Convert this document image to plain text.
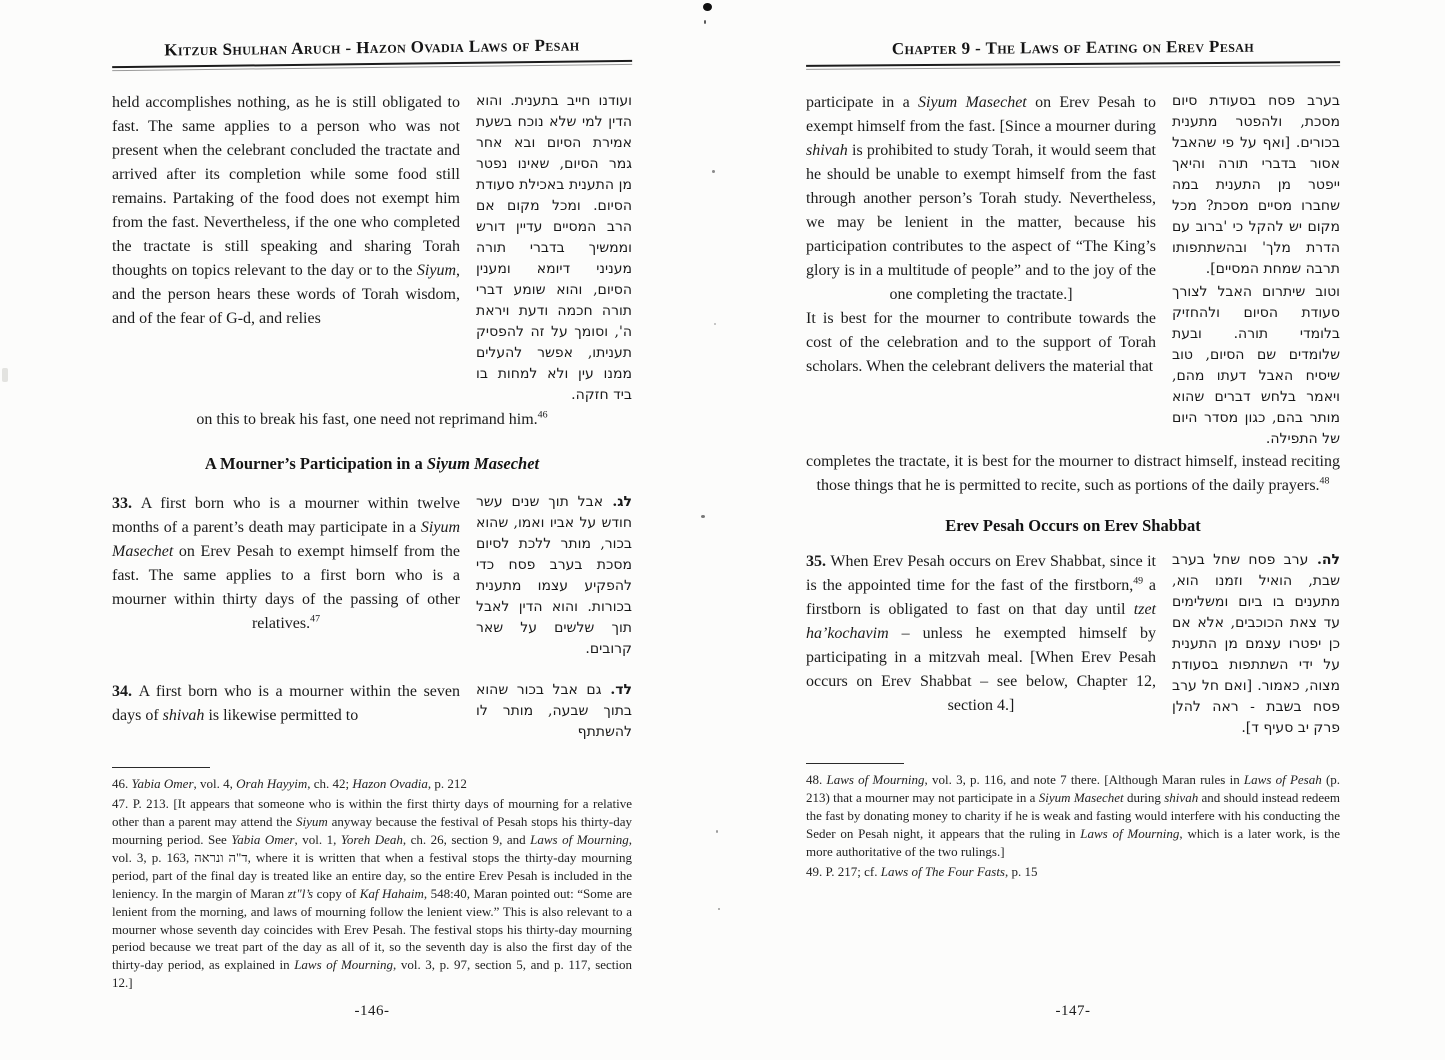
Kitzur Shulhan Aruch - Hazon Ovadia Laws of Pesah
held accomplishes nothing, as he is still obligated to fast. The same applies to a person who was not present when the celebrant concluded the tractate and arrived after its completion while some food still remains. Partaking of the food does not exempt him from the fast. Nevertheless, if the one who completed the tractate is still speaking and sharing Torah thoughts on topics relevant to the day or to the Siyum, and the person hears these words of Torah wisdom, and of the fear of G-d, and relies
ועודנו חייב בתענית. והוא הדין למי שלא נוכח בשעת אמירת הסיום ובא אחר גמר הסיום, שאינו נפטר מן התענית באכילת סעודת הסיום. ומכל מקום אם הרב המסיים עדיין דורש וממשיך בדברי תורה מעניני דיומא ומענין הסיום, והוא שומע דברי תורה חכמה ודעת ויראת ה', וסומך על זה להפסיק תעניתו, אפשר להעלים ממנו עין ולא למחות בו ביד חזקה.
on this to break his fast, one need not reprimand him.$^{46}$
A Mourner’s Participation in a Siyum Masechet
33. A first born who is a mourner within twelve months of a parent’s death may participate in a Siyum Masechet on Erev Pesah to exempt himself from the fast. The same applies to a first born who is a mourner within thirty days of the passing of other relatives.$^{47}$
לג. אבל תוך שנים עשר חודש על אביו ואמו, שהוא בכור, מותר ללכת לסיום מסכת בערב פסח כדי להפקיע עצמו מתענית בכורות. והוא הדין לאבל תוך שלשים על שאר קרובים.
34. A first born who is a mourner within the seven days of shivah is likewise permitted to
לד. גם אבל בכור שהוא בתוך שבעה, מותר לו להשתתף
46. Yabia Omer, vol. 4, Orah Hayyim, ch. 42; Hazon Ovadia, p. 212
47. P. 213. [It appears that someone who is within the first thirty days of mourning for a relative other than a parent may attend the Siyum anyway because the festival of Pesah stops his thirty-day mourning period. See Yabia Omer, vol. 1, Yoreh Deah, ch. 26, section 9, and Laws of Mourning, vol. 3, p. 163, ד"ה ונראה, where it is written that when a festival stops the thirty-day mourning period, part of the final day is treated like an entire day, so the entire Erev Pesah is included in the leniency. In the margin of Maran zt"l’s copy of Kaf Hahaim, 548:40, Maran pointed out: “Some are lenient from the morning, and laws of mourning follow the lenient view.” This is also relevant to a mourner whose seventh day coincides with Erev Pesah. The festival stops his thirty-day mourning period because we treat part of the day as all of it, so the seventh day is also the first day of the thirty-day period, as explained in Laws of Mourning, vol. 3, p. 97, section 5, and p. 117, section 12.]
-146-
Chapter 9 - The Laws of Eating on Erev Pesah
participate in a Siyum Masechet on Erev Pesah to exempt himself from the fast. [Since a mourner during shivah is prohibited to study Torah, it would seem that he should be unable to exempt himself from the fast through another person’s Torah study. Nevertheless, we may be lenient in the matter, because his participation contributes to the aspect of “The King’s glory is in a multitude of people” and to the joy of the one completing the tractate.]
It is best for the mourner to contribute towards the cost of the celebration and to the support of Torah scholars. When the celebrant delivers the material that

בערב פסח בסעודת סיום מסכת, ולהפטר מתענית בכורים. [ואף על פי שהאבל אסור בדברי תורה והיאך ייפטר מן התענית במה שחברו מסיים מסכת? מכל מקום יש להקל כי 'ברוב עם הדרת מלך' ובהשתתפותו תרבה שמחת המסיים].

וטוב שיתרום האבל לצורך סעודת הסיום ולהחזיק בלומדי תורה. ובעת שלומדים שם הסיום, טוב שיסיח האבל דעתו מהם, ויאמר בלחש דברים שהוא מותר בהם, כגון מסדר היום של התפילה.

completes the tractate, it is best for the mourner to distract himself, instead reciting those things that he is permitted to recite, such as portions of the daily prayers.$^{48}$
Erev Pesah Occurs on Erev Shabbat
35. When Erev Pesah occurs on Erev Shabbat, since it is the appointed time for the fast of the firstborn,$^{49}$ a firstborn is obligated to fast on that day until tzet ha’kochavim – unless he exempted himself by participating in a mitzvah meal. [When Erev Pesah occurs on Erev Shabbat – see below, Chapter 12, section 4.]
לה. ערב פסח שחל בערב שבת, הואיל וזמנו הוא, מתענים בו ביום ומשלימים עד צאת הכוכבים, אלא אם כן יפטרו עצמם מן התענית על ידי השתתפות בסעודת מצוה, כאמור. [ואם חל ערב פסח בשבת - ראה להלן פרק יב סעיף ד].
48. Laws of Mourning, vol. 3, p. 116, and note 7 there. [Although Maran rules in Laws of Pesah (p. 213) that a mourner may not participate in a Siyum Masechet during shivah and should instead redeem the fast by donating money to charity if he is weak and fasting would interfere with his conducting the Seder on Pesah night, it appears that the ruling in Laws of Mourning, which is a later work, is the more authoritative of the two rulings.]
49. P. 217; cf. Laws of The Four Fasts, p. 15
-147-
